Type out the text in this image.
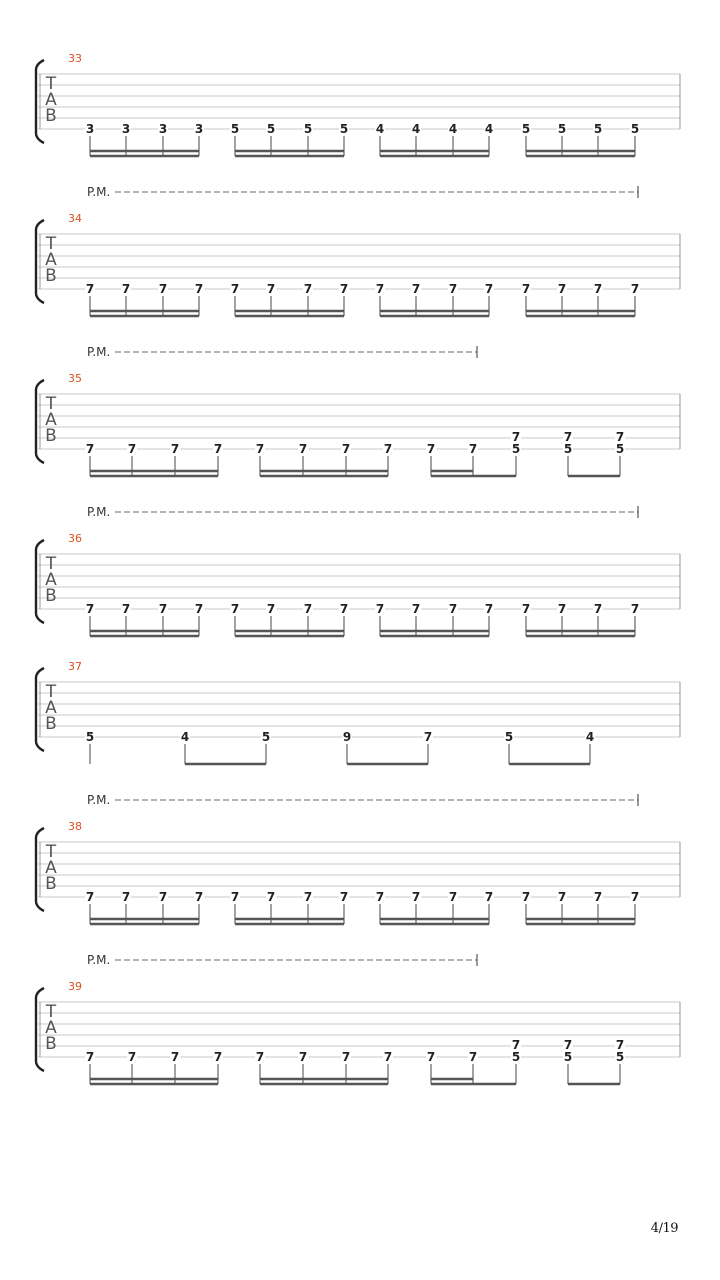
33
T
A
B
3 3 3 3 5 5 5 5 4 4 4 4 5 5 5 5
P.M.
34
T
A
B
7 7 7 7 7 7 7 7 7 7 7 7 7 7 7 7
P.M.
35
T
A
B
7	7	7	7	7	7	7	7	7	7	5
7
5
7
5
7
P.M.
36
T
A
B
7 7 7 7 7 7 7 7 7 7 7 7 7 7 7 7
37
T
A
B
5	4	5	9	7	5	4
P.M.
38
T
A
B
7 7 7 7 7 7 7 7 7 7 7 7 7 7 7 7
P.M.
39
T
A
B
7	7	7	7	7	7	7	7	7	7	5
7
5
7
5
7
4/19
